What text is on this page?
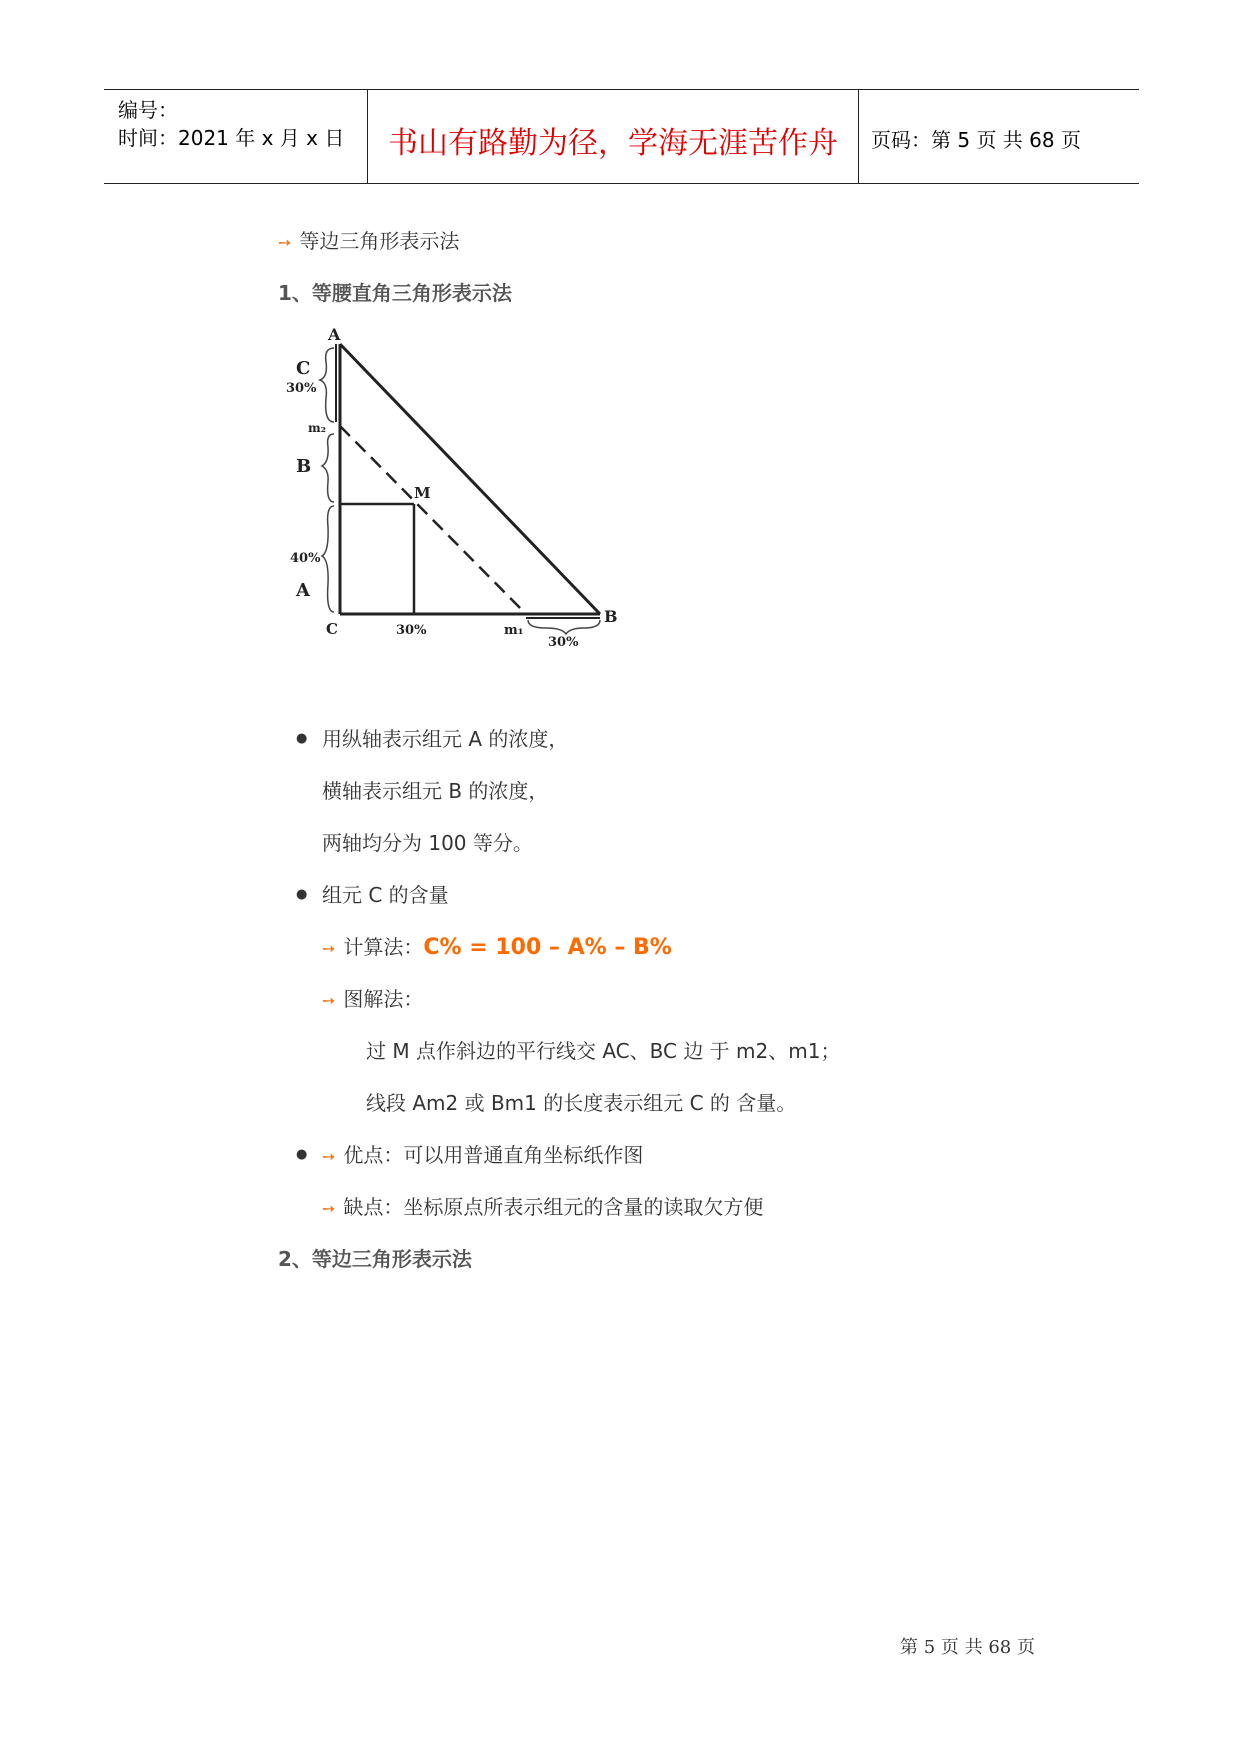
编号：
时间：2021 年 x 月 x 日	书山有路勤为径，学海无涯苦作舟	页码：第 5 页 共 68 页
➙ 等边三角形表示法
1、等腰直角三角形表示法
A
B
C
30%
m₂
B
M
40%
A
C	30%	m₁
30%
● 用纵轴表示组元 A 的浓度，
横轴表示组元 B 的浓度，
两轴均分为 100 等分。
● 组元 C 的含量
➙ 计算法：C% = 100 – A% – B%
➙ 图解法：
过 M 点作斜边的平行线交 AC、BC 边 于 m2、m1；
线段 Am2 或 Bm1 的长度表示组元 C 的 含量。
● ➙ 优点：可以用普通直角坐标纸作图
➙ 缺点：坐标原点所表示组元的含量的读取欠方便
2、等边三角形表示法
第 5 页 共 68 页
